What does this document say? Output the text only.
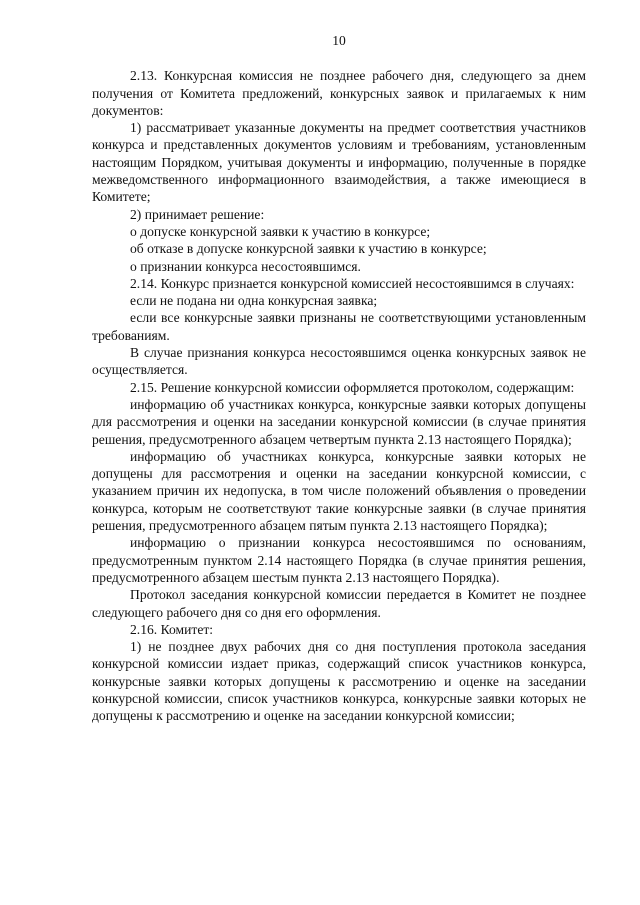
10

2.13. Конкурсная комиссия не позднее рабочего дня, следующего за днем получения от Комитета предложений, конкурсных заявок и прилагаемых к ним документов:

1) рассматривает указанные документы на предмет соответствия участников конкурса и представленных документов условиям и требованиям, установленным настоящим Порядком, учитывая документы и информацию, полученные в порядке межведомственного информационного взаимодействия, а также имеющиеся в Комитете;

2) принимает решение:

о допуске конкурсной заявки к участию в конкурсе;

об отказе в допуске конкурсной заявки к участию в конкурсе;

о признании конкурса несостоявшимся.

2.14. Конкурс признается конкурсной комиссией несостоявшимся в случаях:

если не подана ни одна конкурсная заявка;

если все конкурсные заявки признаны не соответствующими установленным требованиям.

В случае признания конкурса несостоявшимся оценка конкурсных заявок не осуществляется.

2.15. Решение конкурсной комиссии оформляется протоколом, содержащим:

информацию об участниках конкурса, конкурсные заявки которых допущены для рассмотрения и оценки на заседании конкурсной комиссии (в случае принятия решения, предусмотренного абзацем четвертым пункта 2.13 настоящего Порядка);

информацию об участниках конкурса, конкурсные заявки которых не допущены для рассмотрения и оценки на заседании конкурсной комиссии, с указанием причин их недопуска, в том числе положений объявления о проведении конкурса, которым не соответствуют такие конкурсные заявки (в случае принятия решения, предусмотренного абзацем пятым пункта 2.13 настоящего Порядка);

информацию о признании конкурса несостоявшимся по основаниям, предусмотренным пунктом 2.14 настоящего Порядка (в случае принятия решения, предусмотренного абзацем шестым пункта 2.13 настоящего Порядка).

Протокол заседания конкурсной комиссии передается в Комитет не позднее следующего рабочего дня со дня его оформления.

2.16. Комитет:

1) не позднее двух рабочих дня со дня поступления протокола заседания конкурсной комиссии издает приказ, содержащий список участников конкурса, конкурсные заявки которых допущены к рассмотрению и оценке на заседании конкурсной комиссии, список участников конкурса, конкурсные заявки которых не допущены к рассмотрению и оценке на заседании конкурсной комиссии;
